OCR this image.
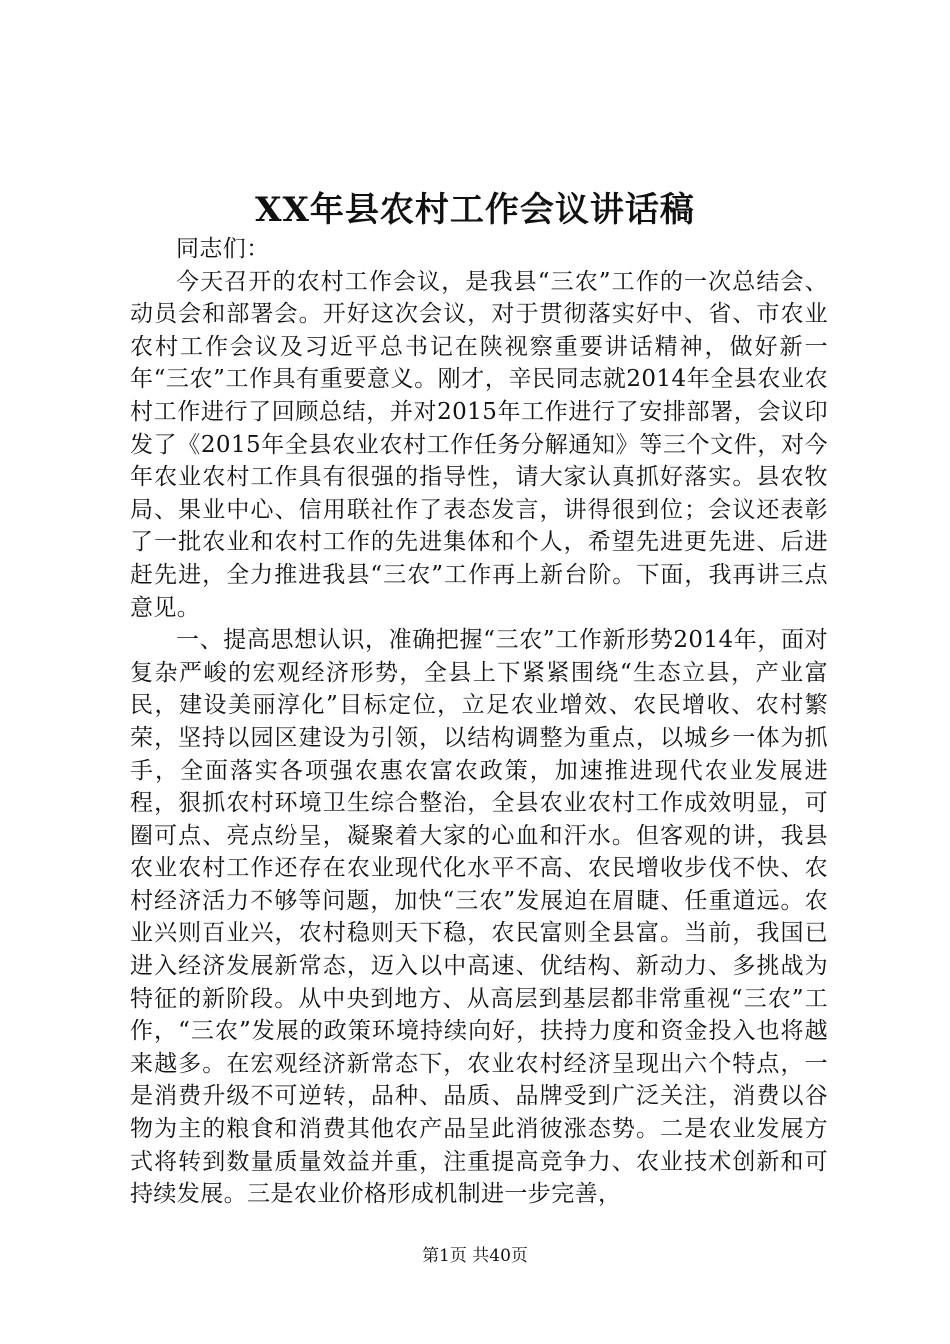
XX年县农村工作会议讲话稿

同志们：

今天召开的农村工作会议，是我县“三农”工作的一次总结会、动员会和部署会。开好这次会议，对于贯彻落实好中、省、市农业农村工作会议及习近平总书记在陕视察重要讲话精神，做好新一年“三农”工作具有重要意义。刚才，辛民同志就2014年全县农业农村工作进行了回顾总结，并对2015年工作进行了安排部署，会议印发了《2015年全县农业农村工作任务分解通知》等三个文件，对今年农业农村工作具有很强的指导性，请大家认真抓好落实。县农牧局、果业中心、信用联社作了表态发言，讲得很到位；会议还表彰了一批农业和农村工作的先进集体和个人，希望先进更先进、后进赶先进，全力推进我县“三农”工作再上新台阶。下面，我再讲三点意见。

一、提高思想认识，准确把握“三农”工作新形势2014年，面对复杂严峻的宏观经济形势，全县上下紧紧围绕“生态立县，产业富民，建设美丽淳化”目标定位，立足农业增效、农民增收、农村繁荣，坚持以园区建设为引领，以结构调整为重点，以城乡一体为抓手，全面落实各项强农惠农富农政策，加速推进现代农业发展进程，狠抓农村环境卫生综合整治，全县农业农村工作成效明显，可圈可点、亮点纷呈，凝聚着大家的心血和汗水。但客观的讲，我县农业农村工作还存在农业现代化水平不高、农民增收步伐不快、农村经济活力不够等问题，加快“三农”发展迫在眉睫、任重道远。农业兴则百业兴，农村稳则天下稳，农民富则全县富。当前，我国已进入经济发展新常态，迈入以中高速、优结构、新动力、多挑战为特征的新阶段。从中央到地方、从高层到基层都非常重视“三农”工作，“三农”发展的政策环境持续向好，扶持力度和资金投入也将越来越多。在宏观经济新常态下，农业农村经济呈现出六个特点，一是消费升级不可逆转，品种、品质、品牌受到广泛关注，消费以谷物为主的粮食和消费其他农产品呈此消彼涨态势。二是农业发展方式将转到数量质量效益并重，注重提高竞争力、农业技术创新和可持续发展。三是农业价格形成机制进一步完善，

第1页 共40页
